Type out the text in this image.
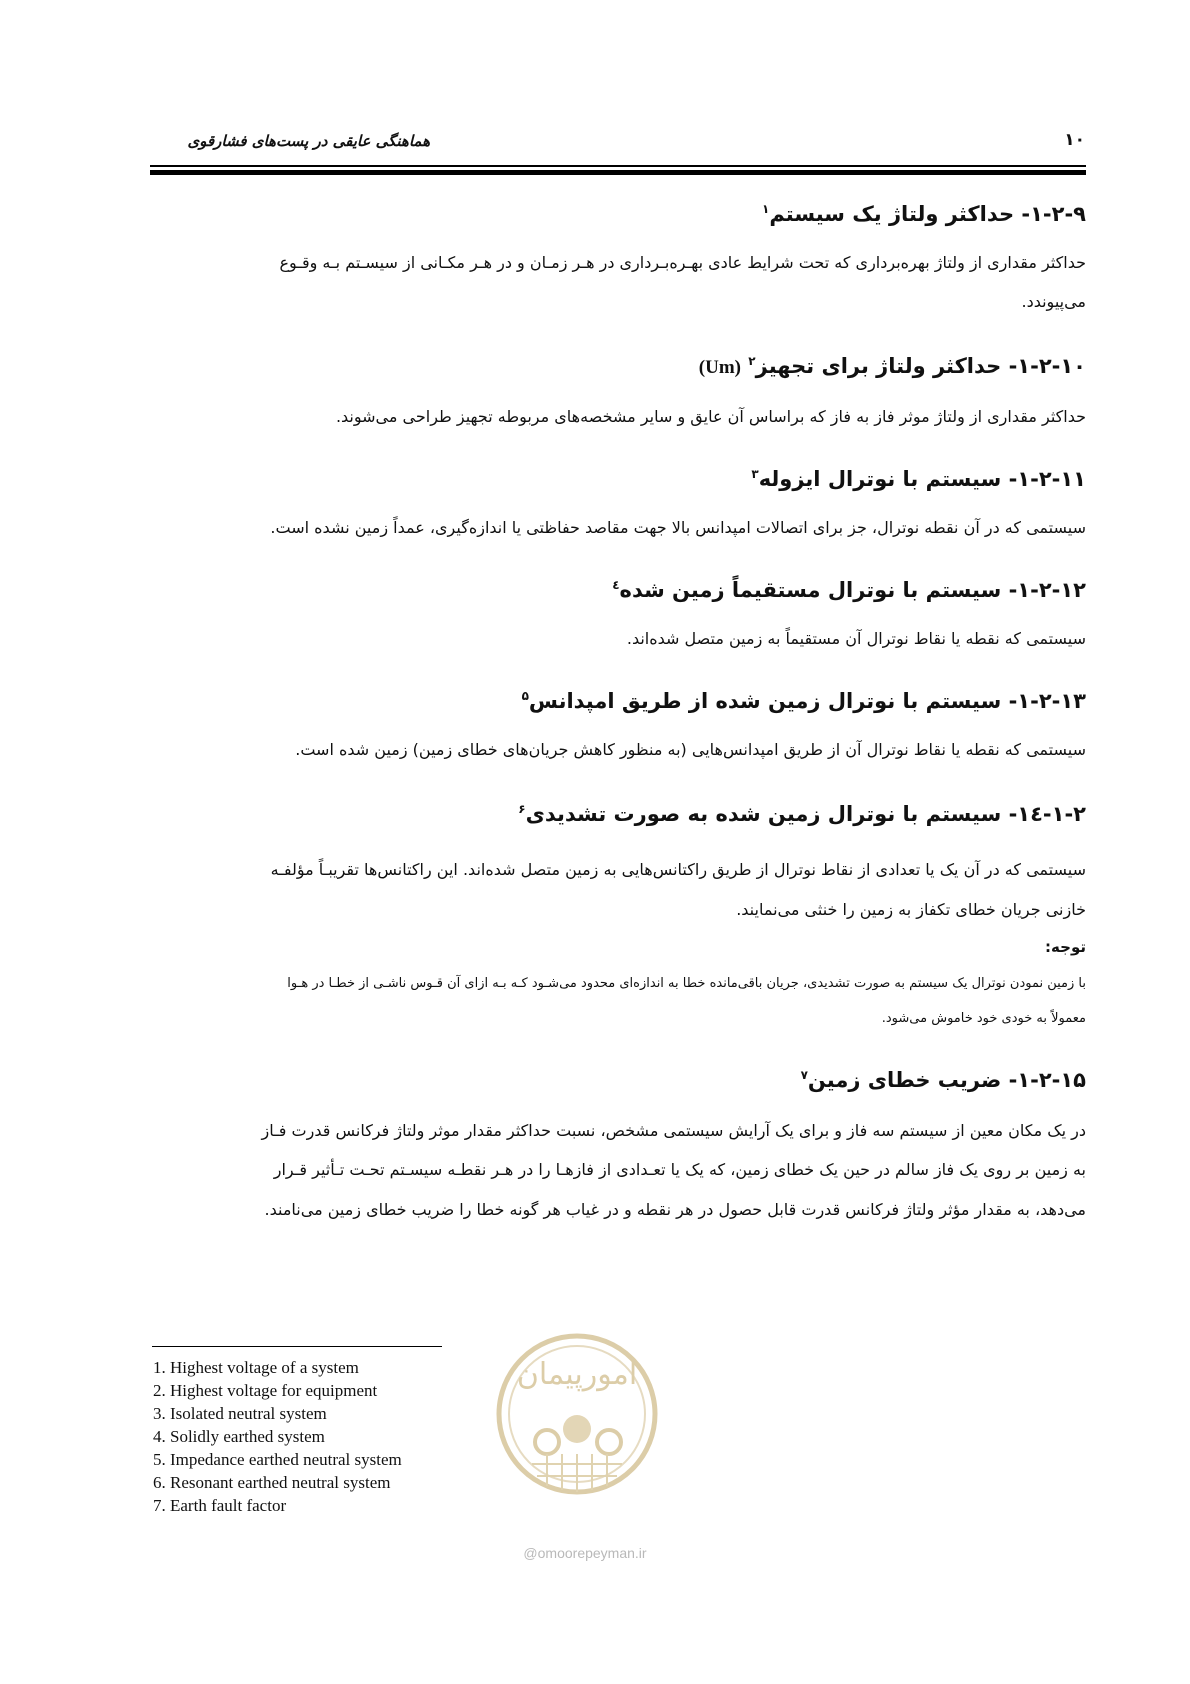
هماهنگی عایقی در پست‌های فشارقوی	۱۰
۱-۲-۹- حداکثر ولتاژ یک سیستم$^۱$
حداکثر مقداری از ولتاژ بهره‌برداری که تحت شرایط عادی بهـره‌بـرداری در هـر زمـان و در هـر مکـانی از سیسـتم بـه وقـوع
می‌پیوندد.
۱-۲-۱۰- حداکثر ولتاژ برای تجهیز$^۲$ (Um)
حداکثر مقداری از ولتاژ موثر فاز به فاز که براساس آن عایق و سایر مشخصه‌های مربوطه تجهیز طراحی می‌شوند.
۱-۲-۱۱- سیستم با نوترال ایزوله$^۳$
سیستمی که در آن نقطه نوترال، جز برای اتصالات امپدانس بالا جهت مقاصد حفاظتی یا اندازه‌گیری، عمداً زمین نشده است.
۱-۲-۱۲- سیستم با نوترال مستقیماً زمین شده$^٤$
سیستمی که نقطه یا نقاط نوترال آن مستقیماً به زمین متصل شده‌اند.
۱-۲-۱۳- سیستم با نوترال زمین شده از طریق امپدانس$^۵$
سیستمی که نقطه یا نقاط نوترال آن از طریق امپدانس‌هایی (به منظور کاهش جریان‌های خطای زمین) زمین شده است.
۱-۲-١٤- سیستم با نوترال زمین شده به صورت تشدیدی$^۶$
سیستمی که در آن یک یا تعدادی از نقاط نوترال از طریق راکتانس‌هایی به زمین متصل شده‌اند. این راکتانس‌ها تقریبـاً مؤلفـه
خازنی جریان خطای تکفاز به زمین را خنثی می‌نمایند.
توجه:
با زمین نمودن نوترال یک سیستم به صورت تشدیدی، جریان باقی‌مانده خطا به اندازه‌ای محدود می‌شـود کـه بـه ازای آن قـوس ناشـی از خطـا در هـوا
معمولاً به خودی خود خاموش می‌شود.
۱-۲-۱۵- ضریب خطای زمین$^۷$
در یک مکان معین از سیستم سه فاز و برای یک آرایش سیستمی مشخص، نسبت حداکثر مقدار موثر ولتاژ فرکانس قدرت فـاز
به زمین بر روی یک فاز سالم در حین یک خطای زمین، که یک یا تعـدادی از فازهـا را در هـر نقطـه سیسـتم تحـت تـأثیر قـرار
می‌دهد، به مقدار مؤثر ولتاژ فرکانس قدرت قابل حصول در هر نقطه و در غیاب هر گونه خطا را ضریب خطای زمین می‌نامند.
امورپیمان
@omoorepeyman.ir
1. Highest voltage of a system
2. Highest voltage for equipment
3. Isolated neutral system
4. Solidly earthed system
5. Impedance earthed neutral system
6. Resonant earthed neutral system
7. Earth fault factor
